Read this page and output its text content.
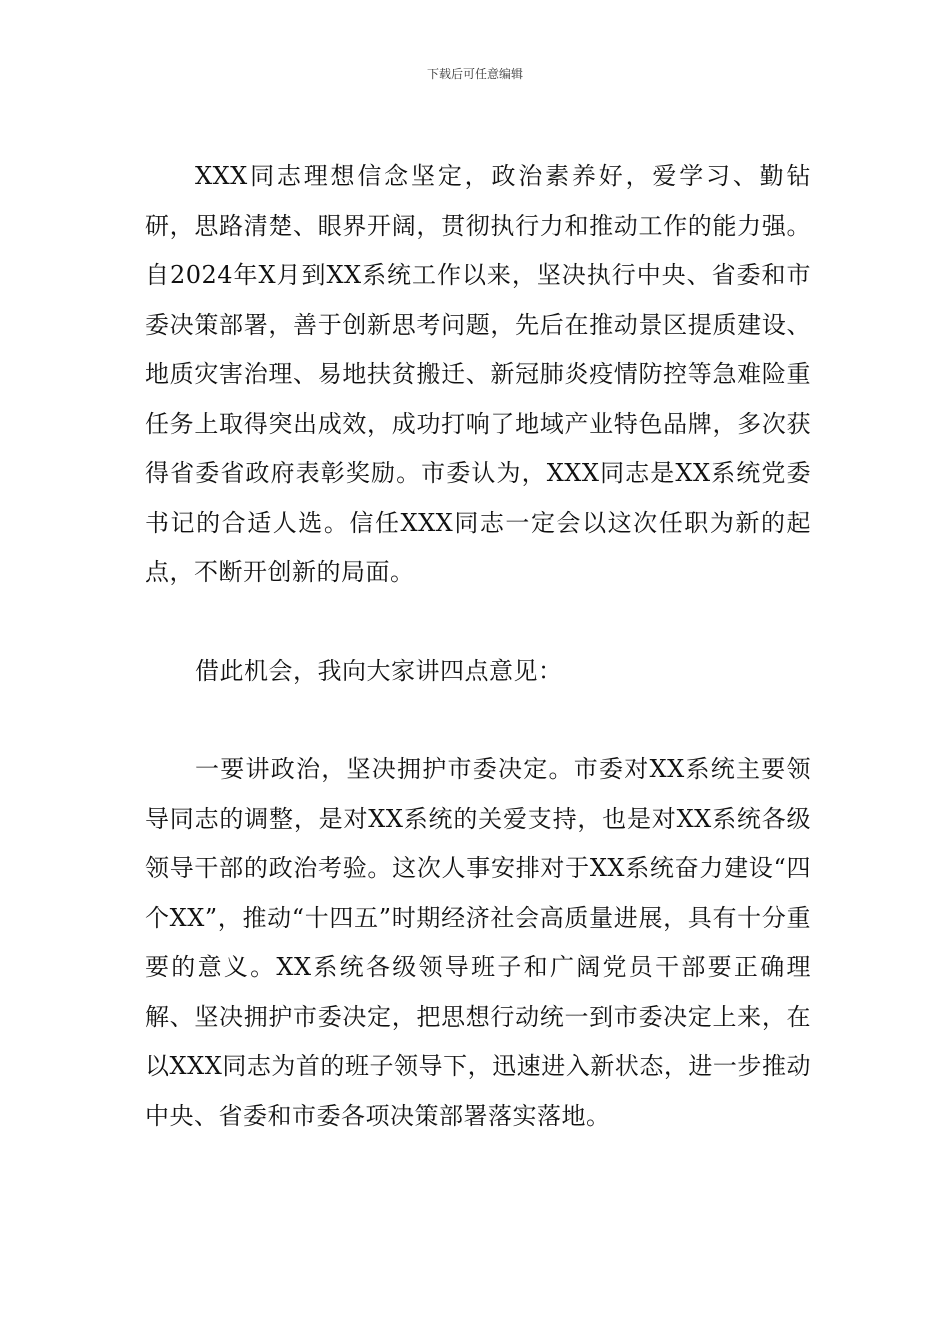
下载后可任意编辑

XXX同志理想信念坚定，政治素养好，爱学习、勤钻研，思路清楚、眼界开阔，贯彻执行力和推动工作的能力强。自2024年X月到XX系统工作以来，坚决执行中央、省委和市委决策部署，善于创新思考问题，先后在推动景区提质建设、地质灾害治理、易地扶贫搬迁、新冠肺炎疫情防控等急难险重任务上取得突出成效，成功打响了地域产业特色品牌，多次获得省委省政府表彰奖励。市委认为，XXX同志是XX系统党委书记的合适人选。信任XXX同志一定会以这次任职为新的起点，不断开创新的局面。

借此机会，我向大家讲四点意见：

一要讲政治，坚决拥护市委决定。市委对XX系统主要领导同志的调整，是对XX系统的关爱支持，也是对XX系统各级领导干部的政治考验。这次人事安排对于XX系统奋力建设“四个XX”，推动“十四五”时期经济社会高质量进展，具有十分重要的意义。XX系统各级领导班子和广阔党员干部要正确理解、坚决拥护市委决定，把思想行动统一到市委决定上来，在以XXX同志为首的班子领导下，迅速进入新状态，进一步推动中央、省委和市委各项决策部署落实落地。
